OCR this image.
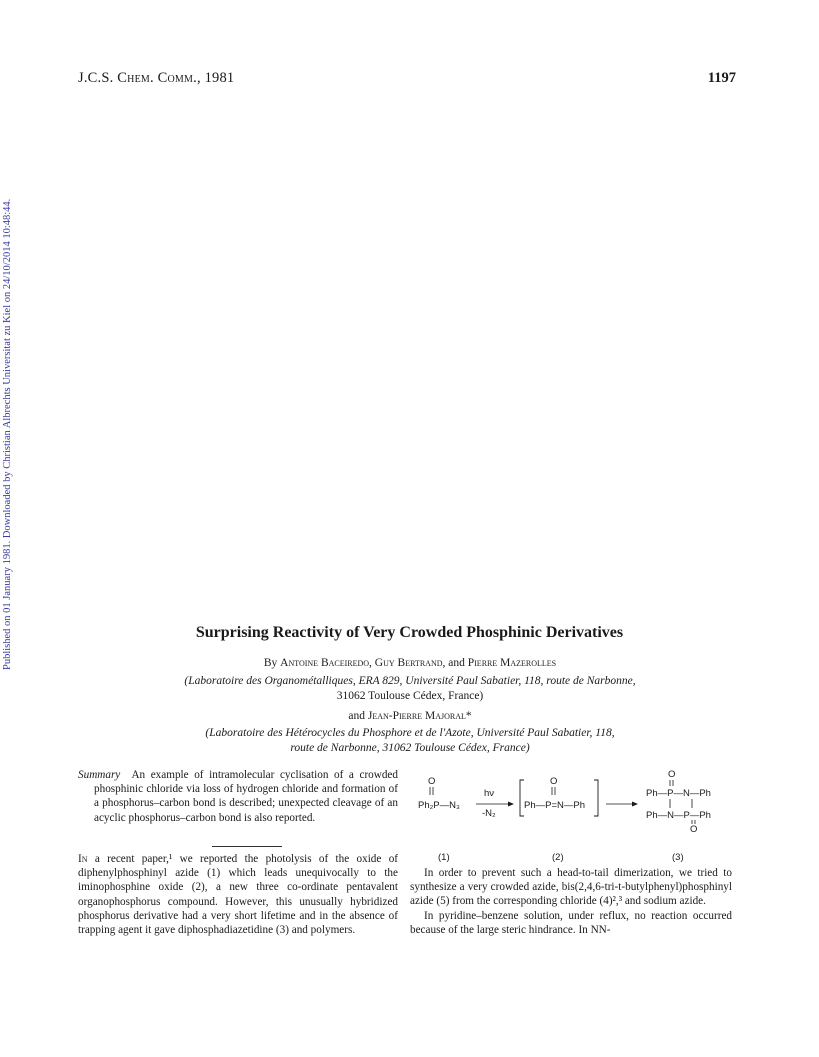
J.C.S. Chem. Comm., 1981	1197
Published on 01 January 1981. Downloaded by Christian Albrechts Universitat zu Kiel on 24/10/2014 10:48:44.	Surprising Reactivity of Very Crowded Phosphinic Derivatives
By Antoine Baceiredo, Guy Bertrand, and Pierre Mazerolles
(Laboratoire des Organométalliques, ERA 829, Université Paul Sabatier, 118, route de Narbonne,
31062 Toulouse Cédex, France)
and Jean-Pierre Majoral*
(Laboratoire des Hétérocycles du Phosphore et de l'Azote, Université Paul Sabatier, 118,
route de Narbonne, 31062 Toulouse Cédex, France)
Summary An example of intramolecular cyclisation of a crowded phosphinic chloride via loss of hydrogen chloride and formation of a phosphorus–carbon bond is described; unexpected cleavage of an acyclic phosphorus–carbon bond is also reported.

In a recent paper,¹ we reported the photolysis of the oxide of diphenylphosphinyl azide (1) which leads unequivocally to the iminophosphine oxide (2), a new three co-ordinate pentavalent organophosphorus compound. However, this unusually hybridized phosphorus derivative had a very short lifetime and in the absence of trapping agent it gave diphosphadiazetidine (3) and polymers.

O
Ph₂P—N₃
hν
-N₂
O
Ph—P=N—Ph
O
Ph—P—N—Ph
Ph—N—P—Ph
O
(1)	(2)	(3)

In order to prevent such a head-to-tail dimerization, we tried to synthesize a very crowded azide, bis(2,4,6-tri-t-butylphenyl)phosphinyl azide (5) from the corresponding chloride (4)²,³ and sodium azide.

In pyridine–benzene solution, under reflux, no reaction occurred because of the large steric hindrance. In NN-
